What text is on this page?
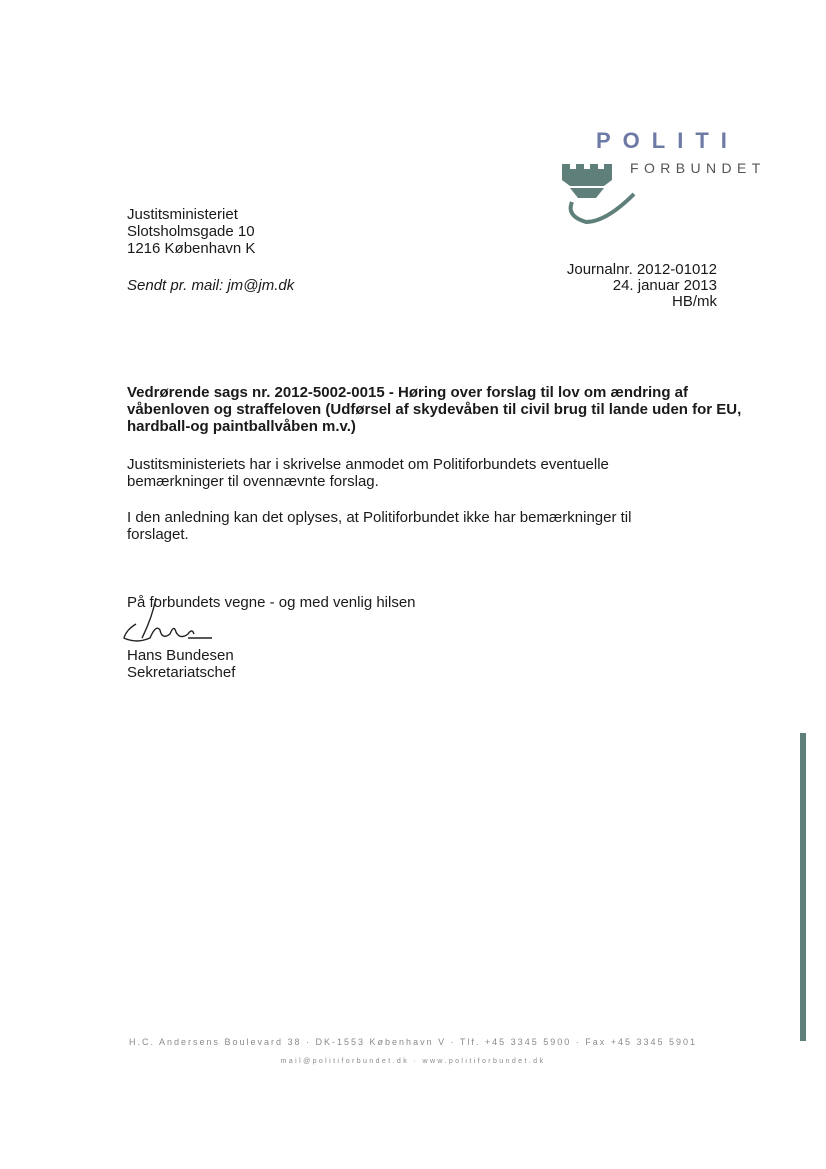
POLITI
FORBUNDET
Justitsministeriet
Slotsholmsgade 10
1216 København K
Sendt pr. mail: jm@jm.dk
Journalnr. 2012-01012
24. januar 2013
HB/mk
Vedrørende sags nr. 2012-5002-0015 - Høring over forslag til lov om ændring af våbenloven og straffeloven (Udførsel af skydevåben til civil brug til lande uden for EU, hardball-og paintballvåben m.v.)
Justitsministeriets har i skrivelse anmodet om Politiforbundets eventuelle bemærkninger til ovennævnte forslag.
I den anledning kan det oplyses, at Politiforbundet ikke har bemærkninger til forslaget.
På forbundets vegne - og med venlig hilsen
Hans Bundesen
Sekretariatschef
H.C. Andersens Boulevard 38 · DK-1553 København V · Tlf. +45 3345 5900 · Fax +45 3345 5901
mail@politiforbundet.dk · www.politiforbundet.dk
